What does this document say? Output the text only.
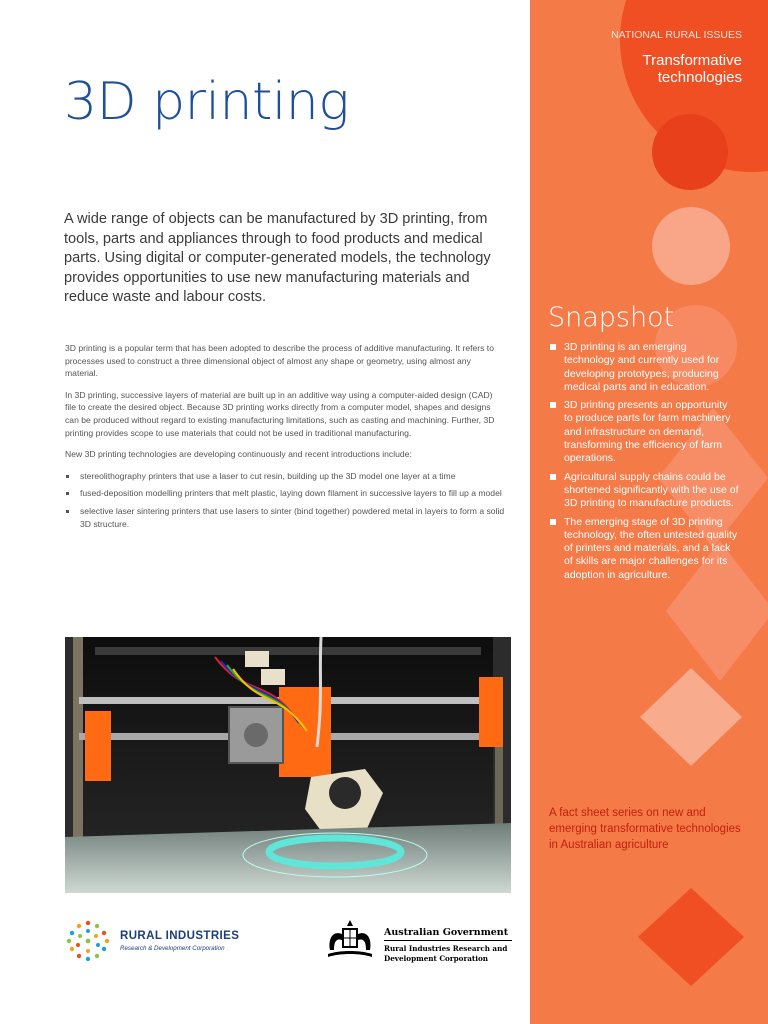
3D printing

A wide range of objects can be manufactured by 3D printing, from tools, parts and appliances through to food products and medical parts. Using digital or computer-generated models, the technology provides opportunities to use new manufacturing materials and reduce waste and labour costs.

3D printing is a popular term that has been adopted to describe the process of additive manufacturing. It refers to processes used to construct a three dimensional object of almost any shape or geometry, using almost any material.

In 3D printing, successive layers of material are built up in an additive way using a computer-aided design (CAD) file to create the desired object. Because 3D printing works directly from a computer model, shapes and designs can be produced without regard to existing manufacturing limitations, such as casting and machining. Further, 3D printing provides scope to use materials that could not be used in traditional manufacturing.

New 3D printing technologies are developing continuously and recent introductions include:

stereolithography printers that use a laser to cut resin, building up the 3D model one layer at a time
fused-deposition modelling printers that melt plastic, laying down filament in successive layers to fill up a model
selective laser sintering printers that use lasers to sinter (bind together) powdered metal in layers to form a solid 3D structure.
RURAL INDUSTRIES
Research & Development Corporation
Australian Government
Rural Industries Research and
Development Corporation
NATIONAL RURAL ISSUES
Transformative technologies
Snapshot
3D printing is an emerging technology and currently used for developing prototypes, producing medical parts and in education.
3D printing presents an opportunity to produce parts for farm machinery and infrastructure on demand, transforming the efficiency of farm operations.
Agricultural supply chains could be shortened significantly with the use of 3D printing to manufacture products.
The emerging stage of 3D printing technology, the often untested quality of printers and materials, and a lack of skills are major challenges for its adoption in agriculture.
A fact sheet series on new and emerging transformative technologies in Australian agriculture
